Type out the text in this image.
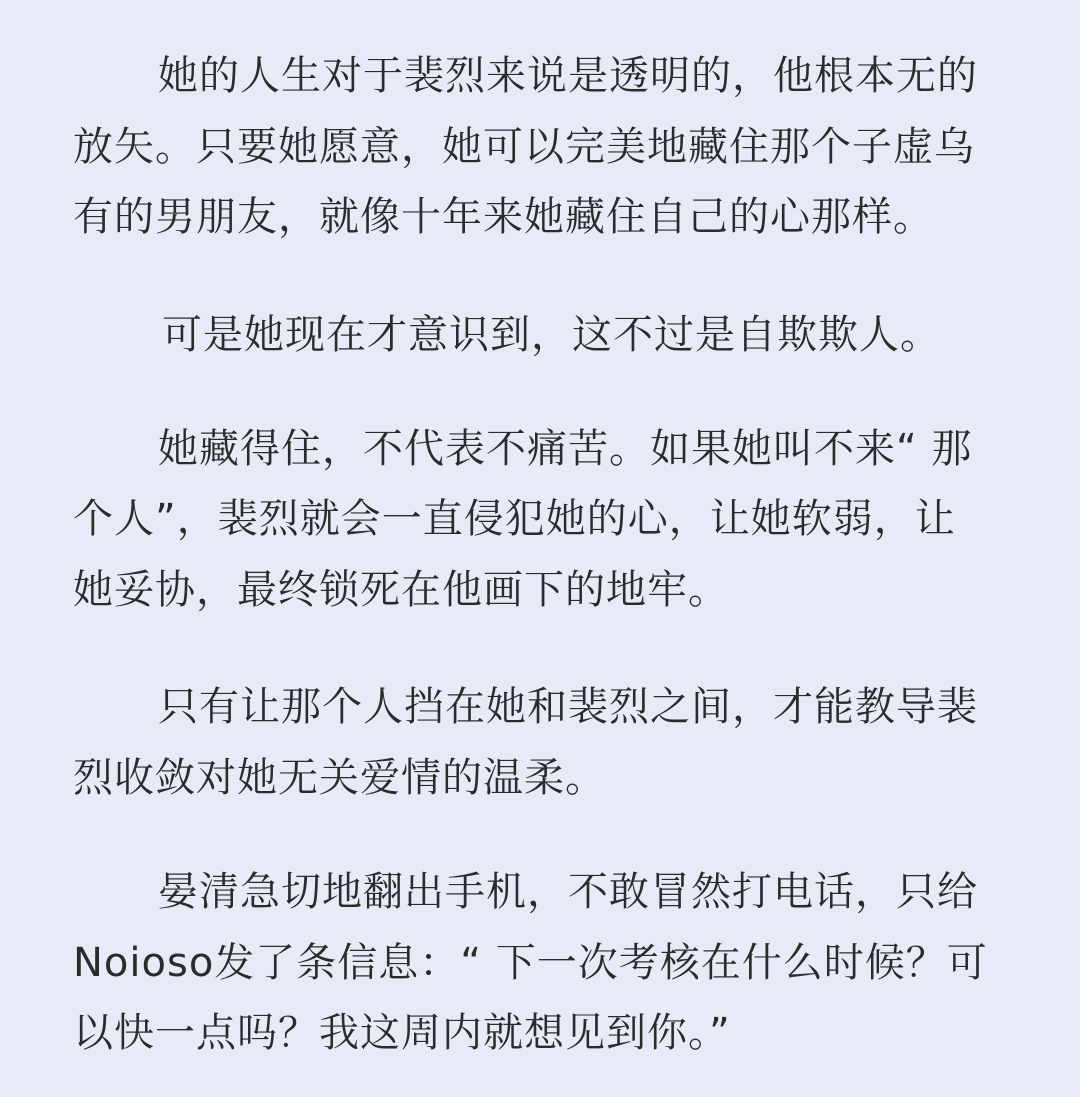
她的人生对于裴烈来说是透明的，他根本无的
放矢。只要她愿意，她可以完美地藏住那个子虚乌
有的男朋友，就像十年来她藏住自己的心那样。
可是她现在才意识到，这不过是自欺欺人。
她藏得住，不代表不痛苦。如果她叫不来“ 那
个人”，裴烈就会一直侵犯她的心，让她软弱，让
她妥协，最终锁死在他画下的地牢。
只有让那个人挡在她和裴烈之间，才能教导裴
烈收敛对她无关爱情的温柔。
晏清急切地翻出手机，不敢冒然打电话，只给
Noioso发了条信息：“ 下一次考核在什么时候？可
以快一点吗？我这周内就想见到你。”
